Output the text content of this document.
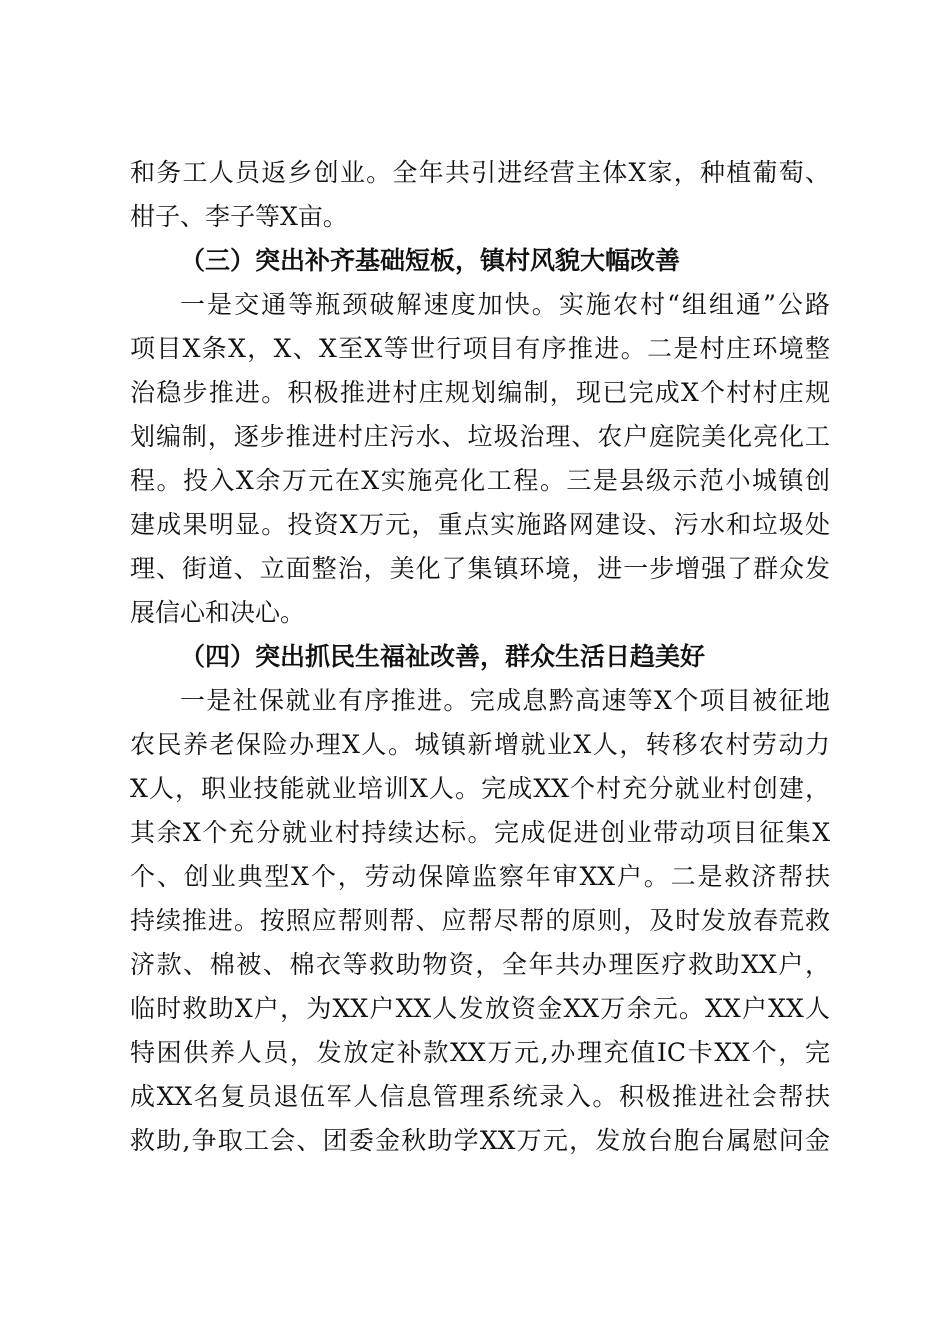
和务工人员返乡创业。全年共引进经营主体X家，种植葡萄、
柑子、李子等X亩。
（三）突出补齐基础短板，镇村风貌大幅改善
一是交通等瓶颈破解速度加快。实施农村“组组通”公路
项目X条X，X、X至X等世行项目有序推进。二是村庄环境整
治稳步推进。积极推进村庄规划编制，现已完成X个村村庄规
划编制，逐步推进村庄污水、垃圾治理、农户庭院美化亮化工
程。投入X余万元在X实施亮化工程。三是县级示范小城镇创
建成果明显。投资X万元，重点实施路网建设、污水和垃圾处
理、街道、立面整治，美化了集镇环境，进一步增强了群众发
展信心和决心。
（四）突出抓民生福祉改善，群众生活日趋美好
一是社保就业有序推进。完成息黔高速等X个项目被征地
农民养老保险办理X人。城镇新增就业X人，转移农村劳动力
X人，职业技能就业培训X人。完成XX个村充分就业村创建，
其余X个充分就业村持续达标。完成促进创业带动项目征集X
个、创业典型X个，劳动保障监察年审XX户。二是救济帮扶
持续推进。按照应帮则帮、应帮尽帮的原则，及时发放春荒救
济款、棉被、棉衣等救助物资，全年共办理医疗救助XX户，
临时救助X户，为XX户XX人发放资金XX万余元。XX户XX人
特困供养人员，发放定补款XX万元,办理充值IC卡XX个，完
成XX名复员退伍军人信息管理系统录入。积极推进社会帮扶
救助,争取工会、团委金秋助学XX万元，发放台胞台属慰问金
